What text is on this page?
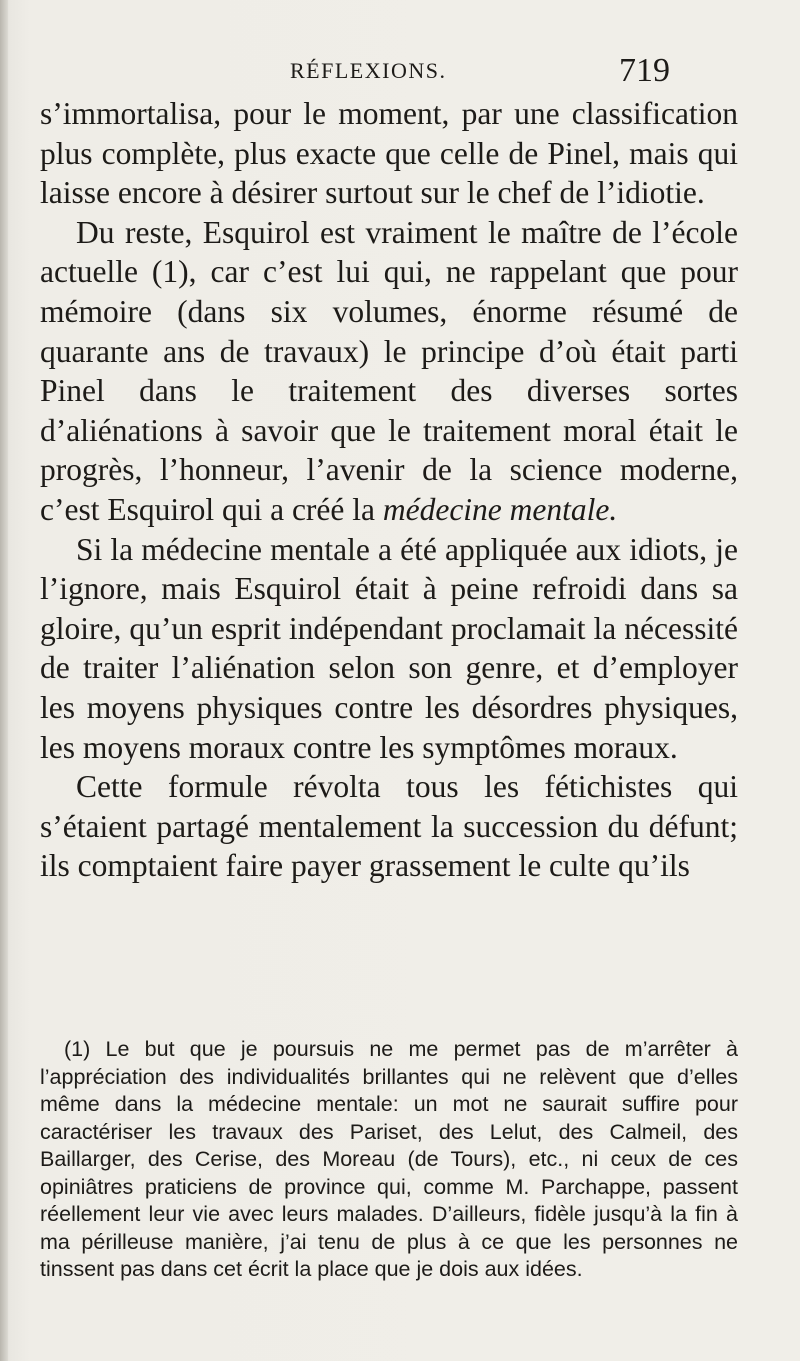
RÉFLEXIONS.	719

s’immortalisa, pour le moment, par une classification plus complète, plus exacte que celle de Pinel, mais qui laisse encore à désirer surtout sur le chef de l’idiotie.

Du reste, Esquirol est vraiment le maître de l’école actuelle (1), car c’est lui qui, ne rappelant que pour mémoire (dans six volumes, énorme résumé de quarante ans de travaux) le principe d’où était parti Pinel dans le traitement des diverses sortes d’aliénations à savoir que le traitement moral était le progrès, l’honneur, l’avenir de la science moderne, c’est Esquirol qui a créé la médecine mentale.

Si la médecine mentale a été appliquée aux idiots, je l’ignore, mais Esquirol était à peine refroidi dans sa gloire, qu’un esprit indépendant proclamait la nécessité de traiter l’aliénation selon son genre, et d’employer les moyens physiques contre les désordres physiques, les moyens moraux contre les symptômes moraux.

Cette formule révolta tous les fétichistes qui s’étaient partagé mentalement la succession du défunt; ils comptaient faire payer grassement le culte qu’ils

(1) Le but que je poursuis ne me permet pas de m’arrêter à l’appréciation des individualités brillantes qui ne relèvent que d’elles même dans la médecine mentale: un mot ne saurait suffire pour caractériser les travaux des Pariset, des Lelut, des Calmeil, des Baillarger, des Cerise, des Moreau (de Tours), etc., ni ceux de ces opiniâtres praticiens de province qui, comme M. Parchappe, passent réellement leur vie avec leurs malades. D’ailleurs, fidèle jusqu’à la fin à ma périlleuse manière, j’ai tenu de plus à ce que les personnes ne tinssent pas dans cet écrit la place que je dois aux idées.
